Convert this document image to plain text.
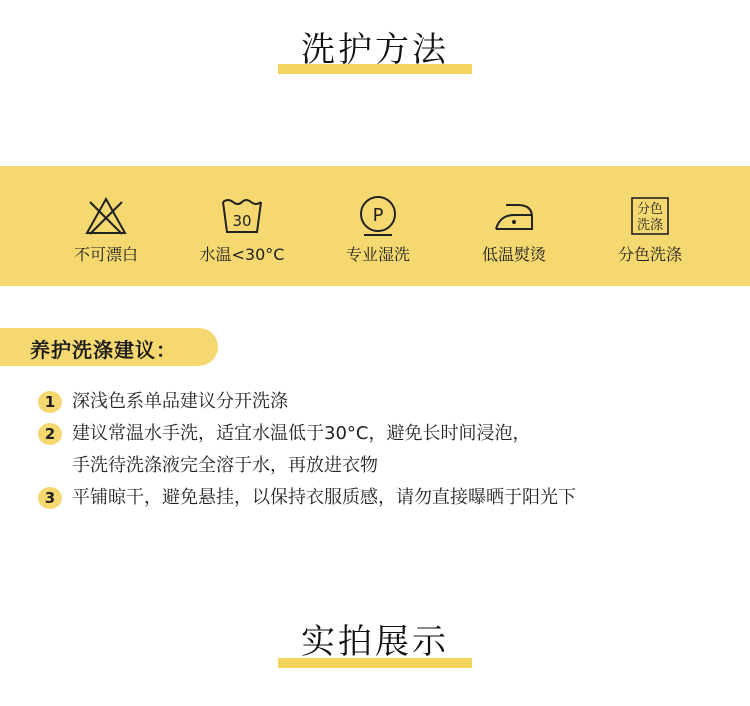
洗护方法
不可漂白
30
水温<30°C
P
专业湿洗	低温熨烫
分色
洗涤
分色洗涤
养护洗涤建议：
1 深浅色系单品建议分开洗涤
2 建议常温水手洗，适宜水温低于30°C，避免长时间浸泡，
手洗待洗涤液完全溶于水，再放进衣物
3 平铺晾干，避免悬挂，以保持衣服质感，请勿直接曝晒于阳光下
实拍展示
